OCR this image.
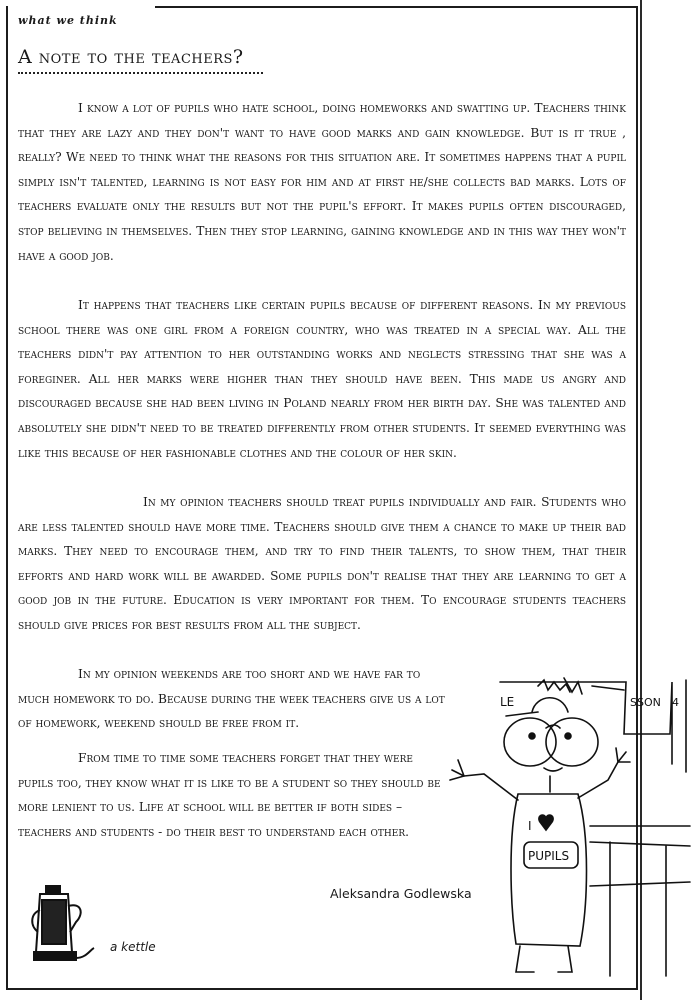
what we think
A note to the teachers?

I know a lot of pupils who hate school, doing homeworks and swatting up. Teachers think that they are lazy and they don't want to have good marks and gain knowledge. But is it true , really? We need to think what the reasons for this situation are. It sometimes happens that a pupil simply isn't talented, learning is not easy for him and at first he/she collects bad marks. Lots of teachers evaluate only the results but not the pupil's effort. It makes pupils often discouraged, stop believing in themselves. Then they stop learning, gaining knowledge and in this way they won't have a good job.

It happens that teachers like certain pupils because of different reasons. In my previous school there was one girl from a foreign country, who was treated in a special way. All the teachers didn't pay attention to her outstanding works and neglects stressing that she was a foreginer. All her marks were higher than they should have been. This made us angry and discouraged because she had been living in Poland nearly from her birth day. She was talented and absolutely she didn't need to be treated differently from other students. It seemed everything was like this because of her fashionable clothes and the colour of her skin.

In my opinion teachers should treat pupils individually and fair. Students who are less talented should have more time. Teachers should give them a chance to make up their bad marks. They need to encourage them, and try to find their talents, to show them, that their efforts and hard work will be awarded. Some pupils don't realise that they are learning to get a good job in the future. Education is very important for them. To encourage students teachers should give prices for best results from all the subject.

In my opinion weekends are too short and we have far to much homework to do. Because during the week teachers give us a lot of homework, weekend should be free from it.

From time to time some teachers forget that they were pupils too, they know what it is like to be a student so they should be more lenient to us. Life at school will be better if both sides – teachers and students - do their best to understand each other.

Aleksandra Godlewska
a kettle
LE	SSON 4
I
PUPILS
